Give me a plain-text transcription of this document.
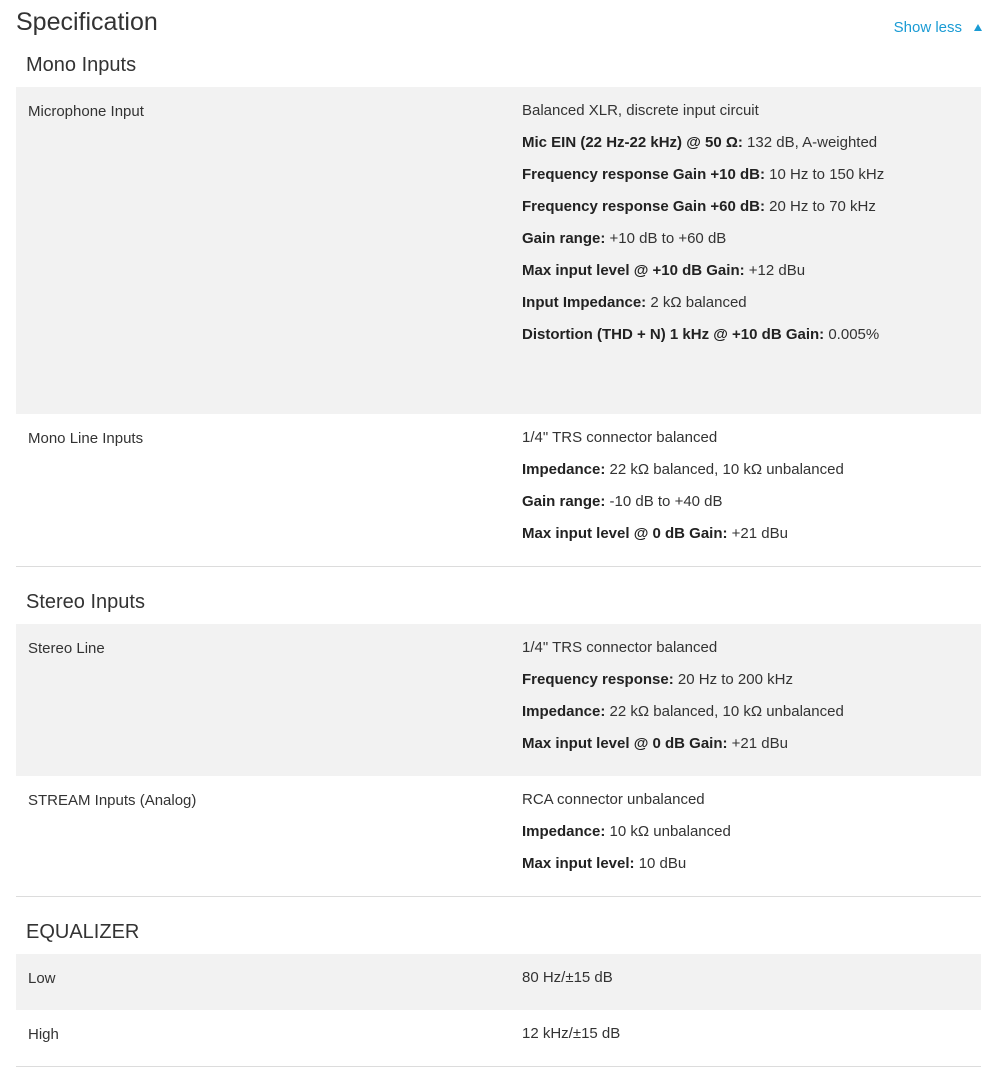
Specification	Show less
Mono Inputs
Microphone Input	Balanced XLR, discrete input circuit
Mic EIN (22 Hz-22 kHz) @ 50 Ω: 132 dB, A-weighted
Frequency response Gain +10 dB: 10 Hz to 150 kHz
Frequency response Gain +60 dB: 20 Hz to 70 kHz
Gain range: +10 dB to +60 dB
Max input level @ +10 dB Gain: +12 dBu
Input Impedance: 2 kΩ balanced
Distortion (THD + N) 1 kHz @ +10 dB Gain: 0.005%
Mono Line Inputs	1/4" TRS connector balanced
Impedance: 22 kΩ balanced, 10 kΩ unbalanced
Gain range: -10 dB to +40 dB
Max input level @ 0 dB Gain: +21 dBu
Stereo Inputs
Stereo Line	1/4" TRS connector balanced
Frequency response: 20 Hz to 200 kHz
Impedance: 22 kΩ balanced, 10 kΩ unbalanced
Max input level @ 0 dB Gain: +21 dBu
STREAM Inputs (Analog)	RCA connector unbalanced
Impedance: 10 kΩ unbalanced
Max input level: 10 dBu
EQUALIZER
Low	80 Hz/±15 dB
High	12 kHz/±15 dB
